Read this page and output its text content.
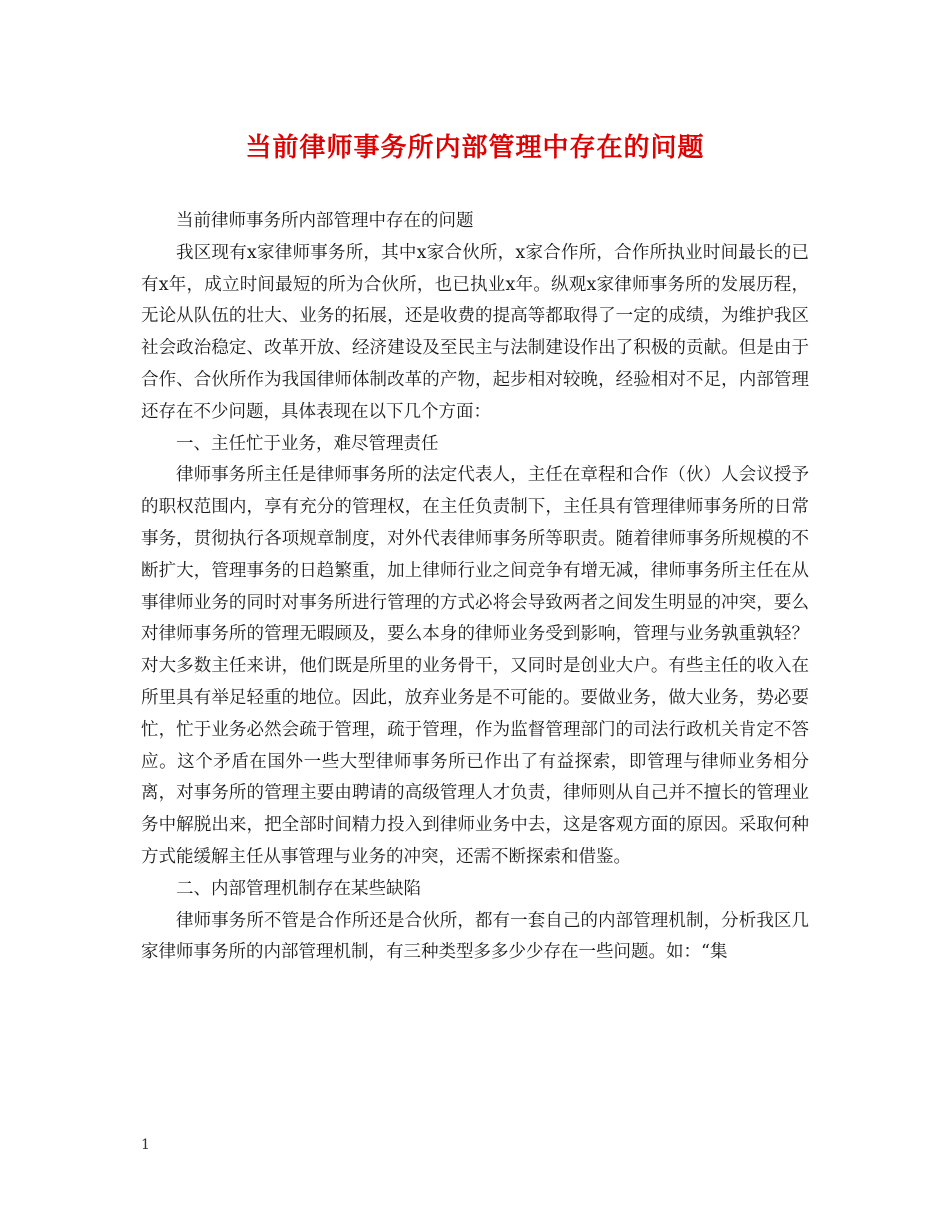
当前律师事务所内部管理中存在的问题

当前律师事务所内部管理中存在的问题

我区现有x家律师事务所，其中x家合伙所，x家合作所，合作所执业时间最长的已有x年，成立时间最短的所为合伙所，也已执业x年。纵观x家律师事务所的发展历程，无论从队伍的壮大、业务的拓展，还是收费的提高等都取得了一定的成绩，为维护我区社会政治稳定、改革开放、经济建设及至民主与法制建设作出了积极的贡献。但是由于合作、合伙所作为我国律师体制改革的产物，起步相对较晚，经验相对不足，内部管理还存在不少问题，具体表现在以下几个方面：

一、主任忙于业务，难尽管理责任

律师事务所主任是律师事务所的法定代表人，主任在章程和合作（伙）人会议授予的职权范围内，享有充分的管理权，在主任负责制下，主任具有管理律师事务所的日常事务，贯彻执行各项规章制度，对外代表律师事务所等职责。随着律师事务所规模的不断扩大，管理事务的日趋繁重，加上律师行业之间竞争有增无减，律师事务所主任在从事律师业务的同时对事务所进行管理的方式必将会导致两者之间发生明显的冲突，要么对律师事务所的管理无暇顾及，要么本身的律师业务受到影响，管理与业务孰重孰轻？对大多数主任来讲，他们既是所里的业务骨干，又同时是创业大户。有些主任的收入在所里具有举足轻重的地位。因此，放弃业务是不可能的。要做业务，做大业务，势必要忙，忙于业务必然会疏于管理，疏于管理，作为监督管理部门的司法行政机关肯定不答应。这个矛盾在国外一些大型律师事务所已作出了有益探索，即管理与律师业务相分离，对事务所的管理主要由聘请的高级管理人才负责，律师则从自己并不擅长的管理业务中解脱出来，把全部时间精力投入到律师业务中去，这是客观方面的原因。采取何种方式能缓解主任从事管理与业务的冲突，还需不断探索和借鉴。

二、内部管理机制存在某些缺陷

律师事务所不管是合作所还是合伙所，都有一套自己的内部管理机制，分析我区几家律师事务所的内部管理机制，有三种类型多多少少存在一些问题。如：“集

1
